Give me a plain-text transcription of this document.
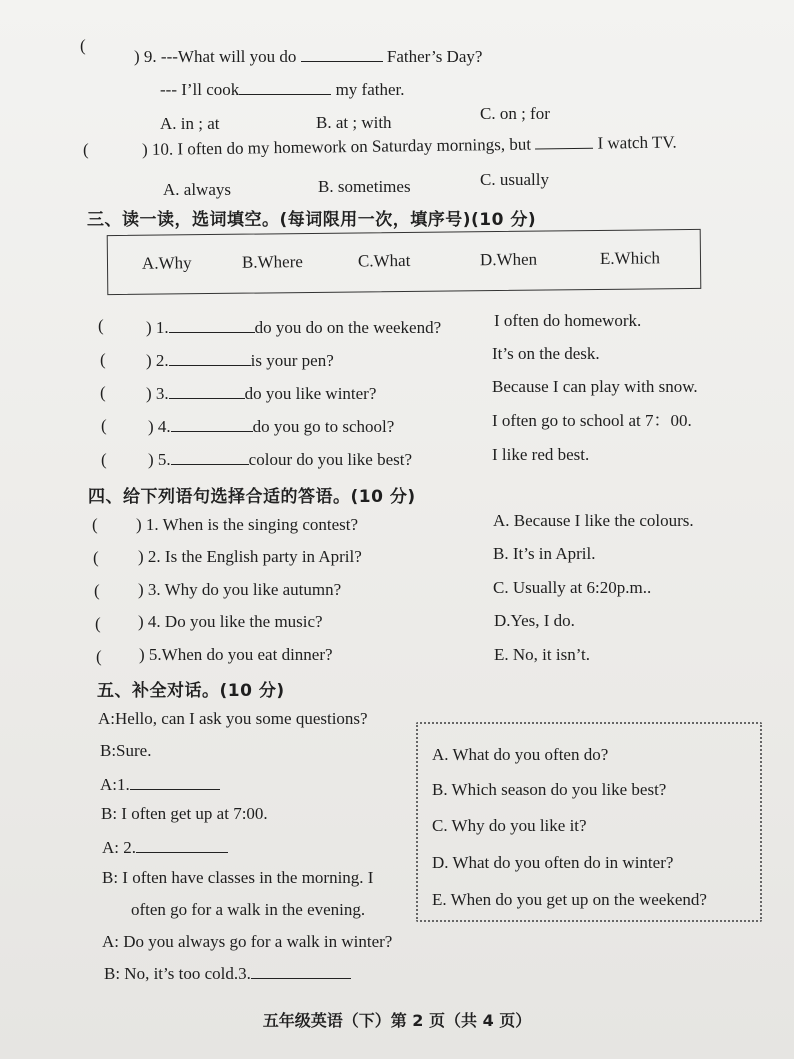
(
) 9. ---What will you do	Father’s Day?
--- I’ll cook	my father.
A. in ; at	B. at ; with	C. on ; for
(	) 10. I often do my homework on Saturday mornings, but	I watch TV.
A. always	B. sometimes	C. usually
三、读一读，选词填空。(每词限用一次，填序号)(10 分)
A.Why	B.Where	C.What	D.When	E.Which
( ) 1.	do you do on the weekend?	I often do homework.
( ) 2.	is your pen?	It’s on the desk.
( ) 3.	do you like winter?	Because I can play with snow.
( ) 4.	do you go to school?	I often go to school at 7：00.
( ) 5.	colour do you like best?	I like red best.
四、给下列语句选择合适的答语。(10 分)
( ) 1. When is the singing contest?	A. Because I like the colours.
( ) 2. Is the English party in April?	B. It’s in April.
( ) 3. Why do you like autumn?	C. Usually at 6:20p.m..
( ) 4. Do you like the music?	D.Yes, I do.
( ) 5.When do you eat dinner?	E. No, it isn’t.
五、补全对话。(10 分)
A:Hello, can I ask you some questions?
B:Sure.
A:1.
B: I often get up at 7:00.
A: 2.
B: I often have classes in the morning. I
often go for a walk in the evening.
A: Do you always go for a walk in winter?
B: No, it’s too cold.3.
A. What do you often do?
B. Which season do you like best?
C. Why do you like it?
D. What do you often do in winter?
E. When do you get up on the weekend?
五年级英语（下）第 2 页（共 4 页）
